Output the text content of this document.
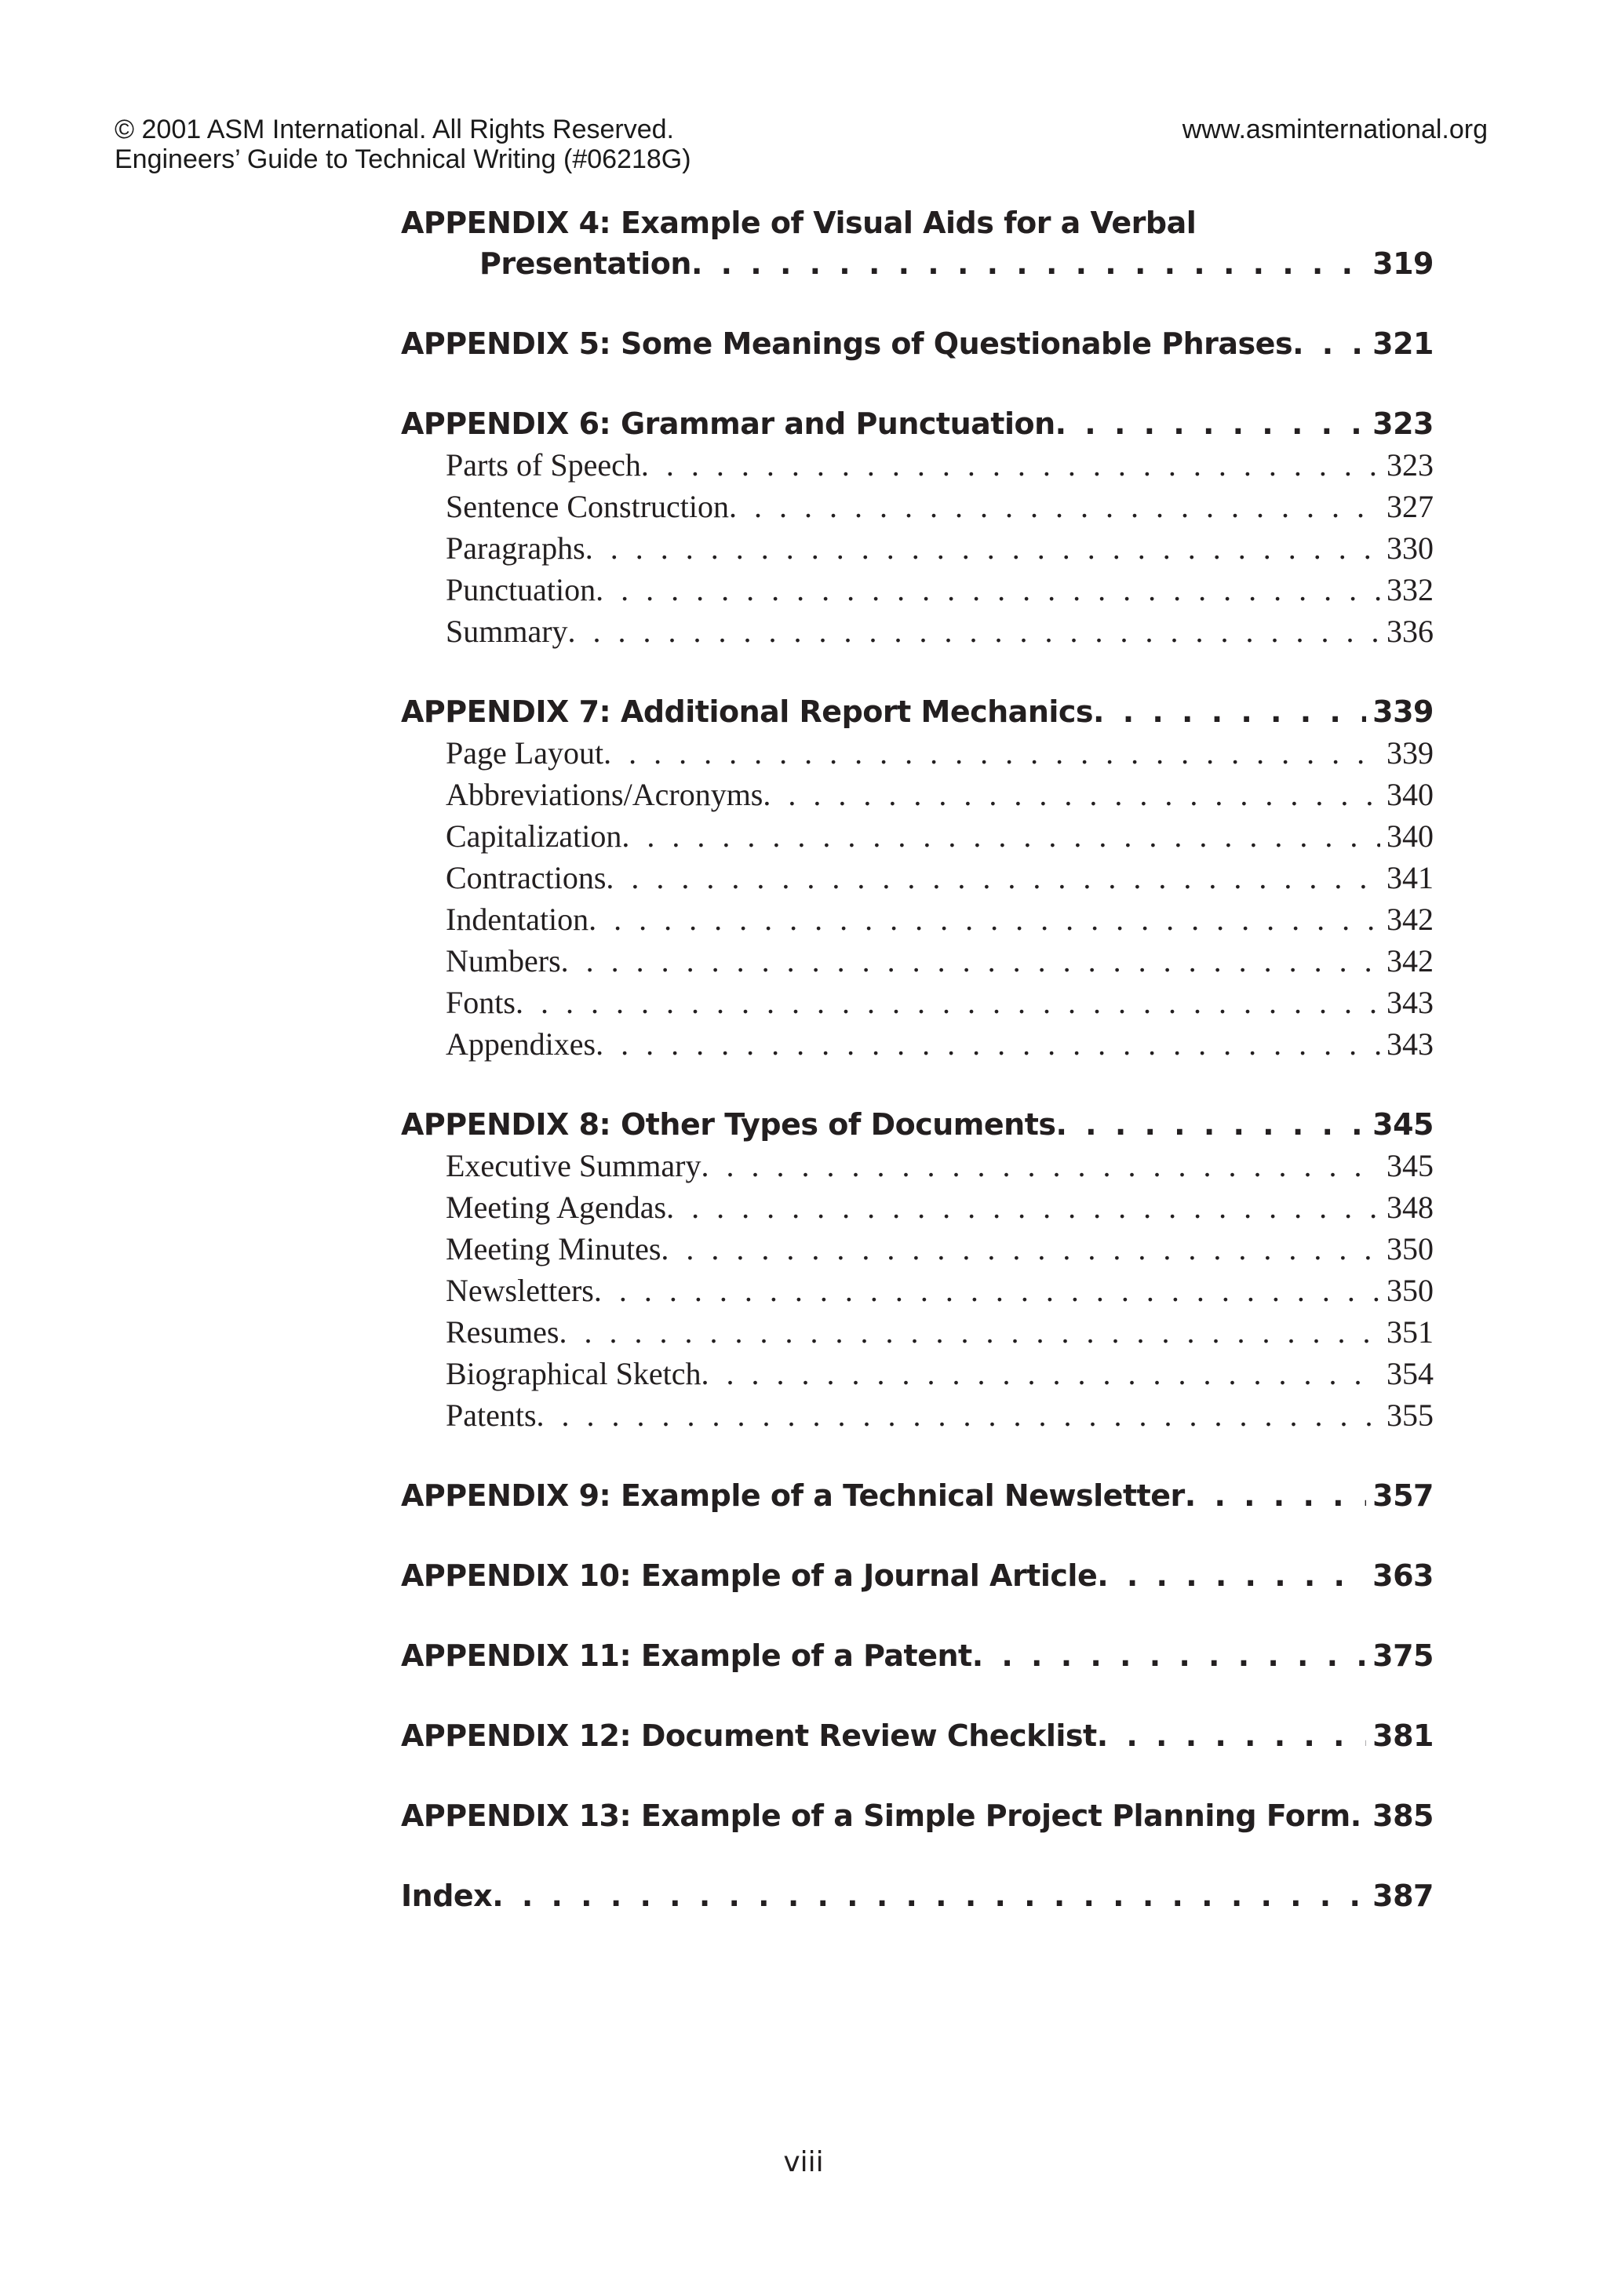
© 2001 ASM International. All Rights Reserved.	www.asminternational.org
Engineers’ Guide to Technical Writing (#06218G)
APPENDIX 4: Example of Visual Aids for a Verbal
Presentation . . .	319
APPENDIX 5: Some Meanings of Questionable Phrases . . .	321
APPENDIX 6: Grammar and Punctuation . . .	323
Parts of Speech . . .	323
Sentence Construction . . .	327
Paragraphs . . .	330
Punctuation . . .	332
Summary . . .	336
APPENDIX 7: Additional Report Mechanics . . .	339
Page Layout . . .	339
Abbreviations/Acronyms . . .	340
Capitalization . . .	340
Contractions . . .	341
Indentation . . .	342
Numbers . . .	342
Fonts . . .	343
Appendixes . . .	343
APPENDIX 8: Other Types of Documents . . .	345
Executive Summary . . .	345
Meeting Agendas . . .	348
Meeting Minutes . . .	350
Newsletters . . .	350
Resumes . . .	351
Biographical Sketch . . .	354
Patents . . .	355
APPENDIX 9: Example of a Technical Newsletter . . .	357
APPENDIX 10: Example of a Journal Article . . .	363
APPENDIX 11: Example of a Patent . . .	375
APPENDIX 12: Document Review Checklist . . .	381
APPENDIX 13: Example of a Simple Project Planning Form . . . 385
Index . . .	387
viii
